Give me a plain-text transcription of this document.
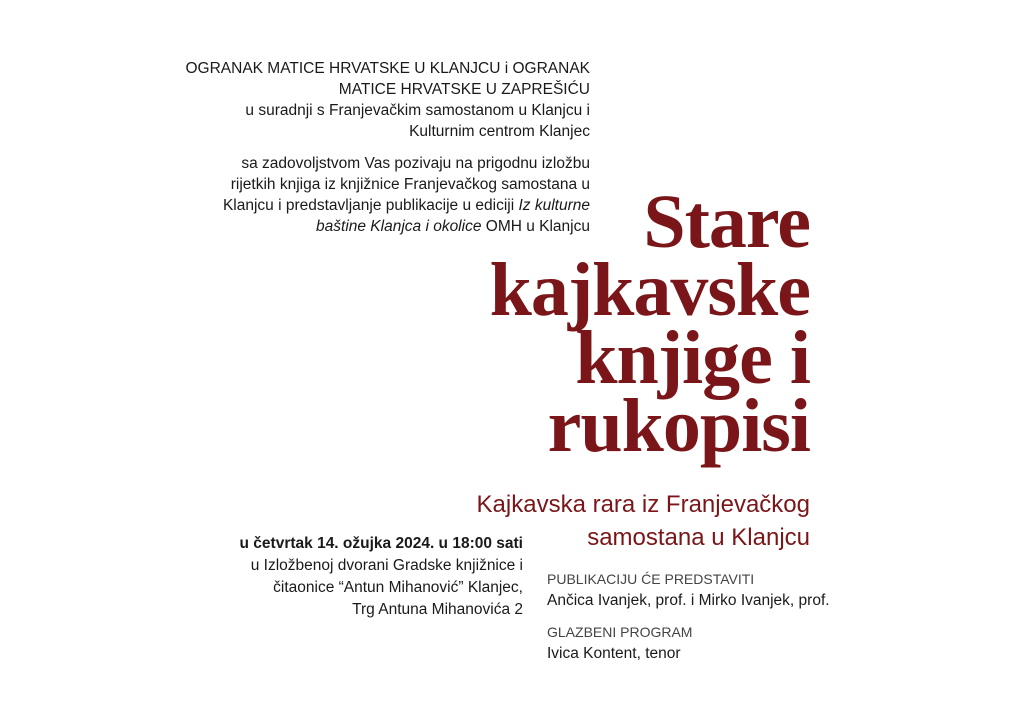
OGRANAK MATICE HRVATSKE U KLANJCU i OGRANAK
MATICE HRVATSKE U ZAPREŠIĆU
u suradnji s Franjevačkim samostanom u Klanjcu i
Kulturnim centrom Klanjec

sa zadovoljstvom Vas pozivaju na prigodnu izložbu
rijetkih knjiga iz knjižnice Franjevačkog samostana u
Klanjcu i predstavljanje publikacije u ediciji Iz kulturne
baštine Klanjca i okolice OMH u Klanjcu Stare
kajkavske
knjige i
rukopisi
Kajkavska rara iz Franjevačkog
samostana u Klanjcu
u četvrtak 14. ožujka 2024. u 18:00 sati
u Izložbenoj dvorani Gradske knjižnice i
čitaonice “Antun Mihanović” Klanjec,
Trg Antuna Mihanovića 2
PUBLIKACIJU ĆE PREDSTAVITI
Ančica Ivanjek, prof. i Mirko Ivanjek, prof.
GLAZBENI PROGRAM
Ivica Kontent, tenor
